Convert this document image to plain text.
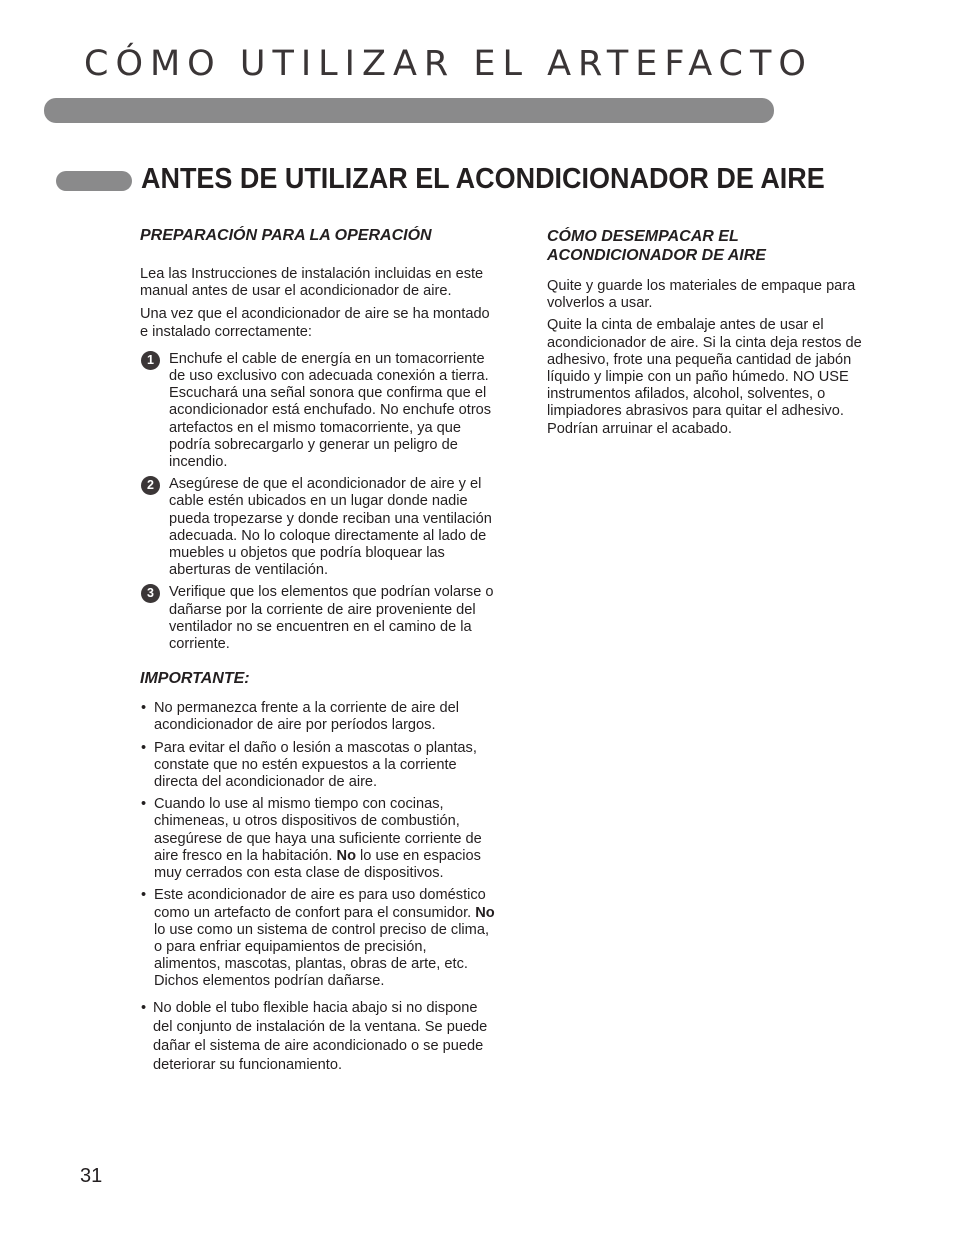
CÓMO UTILIZAR EL ARTEFACTO
ANTES DE UTILIZAR EL ACONDICIONADOR DE AIRE
PREPARACIÓN PARA LA OPERACIÓN

Lea las Instrucciones de instalación incluidas en este manual antes de usar el acondicionador de aire.

Una vez que el acondicionador de aire se ha montado e instalado correctamente:

1	Enchufe el cable de energía en un tomacorriente de uso exclusivo con adecuada conexión a tierra. Escuchará una señal sonora que confirma que el acondicionador está enchufado. No enchufe otros artefactos en el mismo tomacorriente, ya que podría sobrecargarlo y generar un peligro de incendio.
2	Asegúrese de que el acondicionador de aire y el cable estén ubicados en un lugar donde nadie pueda tropezarse y donde reciban una ventilación adecuada. No lo coloque directamente al lado de muebles u objetos que podría bloquear las aberturas de ventilación.
3	Verifique que los elementos que podrían volarse o dañarse por la corriente de aire proveniente del ventilador no se encuentren en el camino de la corriente.
IMPORTANTE:
• No permanezca frente a la corriente de aire del acondicionador de aire por períodos largos.
• Para evitar el daño o lesión a mascotas o plantas, constate que no estén expuestos a la corriente directa del acondicionador de aire.
• Cuando lo use al mismo tiempo con cocinas, chimeneas, u otros dispositivos de combustión, asegúrese de que haya una suficiente corriente de aire fresco en la habitación. No lo use en espacios muy cerrados con esta clase de dispositivos.
• Este acondicionador de aire es para uso doméstico como un artefacto de confort para el consumidor. No lo use como un sistema de control preciso de clima, o para enfriar equipamientos de precisión, alimentos, mascotas, plantas, obras de arte, etc. Dichos elementos podrían dañarse.
• No doble el tubo flexible hacia abajo si no dispone del conjunto de instalación de la ventana. Se puede dañar el sistema de aire acondicionado o se puede deteriorar su funcionamiento.
CÓMO DESEMPACAR EL ACONDICIONADOR DE AIRE

Quite y guarde los materiales de empaque para volverlos a usar.

Quite la cinta de embalaje antes de usar el acondicionador de aire. Si la cinta deja restos de adhesivo, frote una pequeña cantidad de jabón líquido y limpie con un paño húmedo. NO USE instrumentos afilados, alcohol, solventes, o limpiadores abrasivos para quitar el adhesivo. Podrían arruinar el acabado.

31
